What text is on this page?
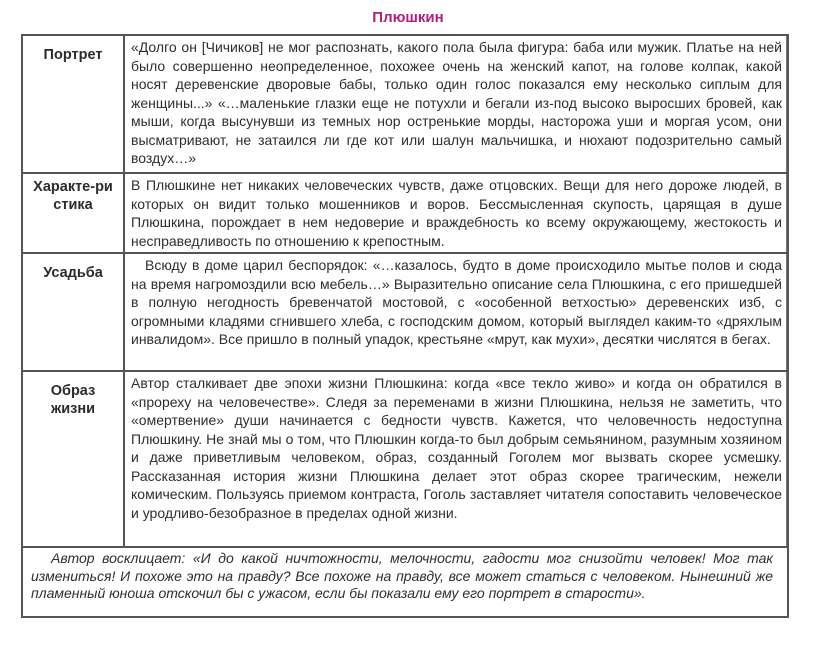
Плюшкин
Портрет	«Долго он [Чичиков] не мог распознать, какого пола была фигура: баба или мужик. Платье на ней было совершенно неопределенное, похожее очень на женский капот, на голове колпак, какой носят деревенские дворовые бабы, только один голос показался ему несколько сиплым для женщины...» «…маленькие глазки еще не потухли и бегали из-под высоко выросших бровей, как мыши, когда высунувши из темных нор остренькие морды, насторожа уши и моргая усом, они высматривают, не затаился ли где кот или шалун мальчишка, и нюхают подозрительно самый воздух…»
Характе-ристика
В Плюшкине нет никаких человеческих чувств, даже отцовских. Вещи для него дороже людей, в которых он видит только мошенников и воров. Бессмысленная скупость, царящая в душе Плюшкина, порождает в нем недоверие и враждебность ко всему окружающему, жестокость и несправедливость по отношению к крепостным.
Усадьба	Всюду в доме царил беспорядок: «…казалось, будто в доме происходило мытье полов и сюда на время нагромоздили всю мебель…» Выразительно описание села Плюшкина, с его пришедшей в полную негодность бревенчатой мостовой, с «особенной ветхостью» деревенских изб, с огромными кладями сгнившего хлеба, с господским домом, который выглядел каким-то «дряхлым инвалидом». Все пришло в полный упадок, крестьяне «мрут, как мухи», десятки числятся в бегах.
Образ жизни
Автор сталкивает две эпохи жизни Плюшкина: когда «все текло живо» и когда он обратился в «прореху на человечестве». Следя за переменами в жизни Плюшкина, нельзя не заметить, что «омертвение» души начинается с бедности чувств. Кажется, что человечность недоступна Плюшкину. Не знай мы о том, что Плюшкин когда-то был добрым семьянином, разумным хозяином и даже приветливым человеком, образ, созданный Гоголем мог вызвать скорее усмешку. Рассказанная история жизни Плюшкина делает этот образ скорее трагическим, нежели комическим. Пользуясь приемом контраста, Гоголь заставляет читателя сопоставить человеческое и уродливо-безобразное в пределах одной жизни.
Автор восклицает: «И до какой ничтожности, мелочности, гадости мог снизойти человек! Мог так измениться! И похоже это на правду? Все похоже на правду, все может статься с человеком. Нынешний же пламенный юноша отскочил бы с ужасом, если бы показали ему его портрет в старости».
